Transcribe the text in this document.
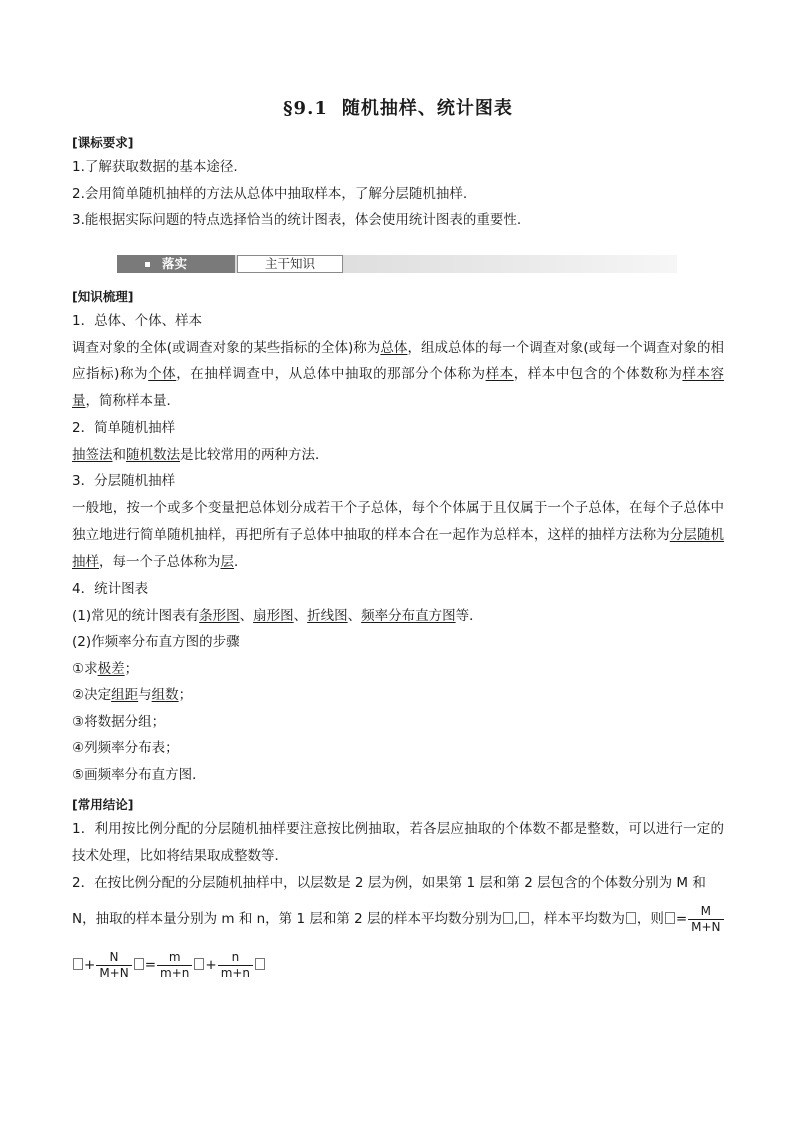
§9.1 随机抽样、统计图表
[课标要求]
1.了解获取数据的基本途径.
2.会用简单随机抽样的方法从总体中抽取样本，了解分层随机抽样.
3.能根据实际问题的特点选择恰当的统计图表，体会使用统计图表的重要性.
落实	主干知识
[知识梳理]
1．总体、个体、样本
调查对象的全体(或调查对象的某些指标的全体)称为总体，组成总体的每一个调查对象(或每一个调查对象的相应指标)称为个体，在抽样调查中，从总体中抽取的那部分个体称为样本，样本中包含的个体数称为样本容量，简称样本量．
2．简单随机抽样
抽签法和随机数法是比较常用的两种方法．
3．分层随机抽样
一般地，按一个或多个变量把总体划分成若干个子总体，每个个体属于且仅属于一个子总体，在每个子总体中独立地进行简单随机抽样，再把所有子总体中抽取的样本合在一起作为总样本，这样的抽样方法称为分层随机抽样，每一个子总体称为层．
4．统计图表
(1)常见的统计图表有条形图、扇形图、折线图、频率分布直方图等．
(2)作频率分布直方图的步骤
①求极差；
②决定组距与组数；
③将数据分组；
④列频率分布表；
⑤画频率分布直方图．
[常用结论]
1．利用按比例分配的分层随机抽样要注意按比例抽取，若各层应抽取的个体数不都是整数，可以进行一定的技术处理，比如将结果取成整数等．
2．在按比例分配的分层随机抽样中，以层数是 2 层为例，如果第 1 层和第 2 层包含的个体数分别为 M 和
N，抽取的样本量分别为 m 和 n，第 1 层和第 2 层的样本平均数分别为 , ，样本平均数为 ，则 = $\frac{M}{M+N}$
+ $\frac{N}{M+N} = \frac{m}{m+n} + \frac{n}{m+n}$
